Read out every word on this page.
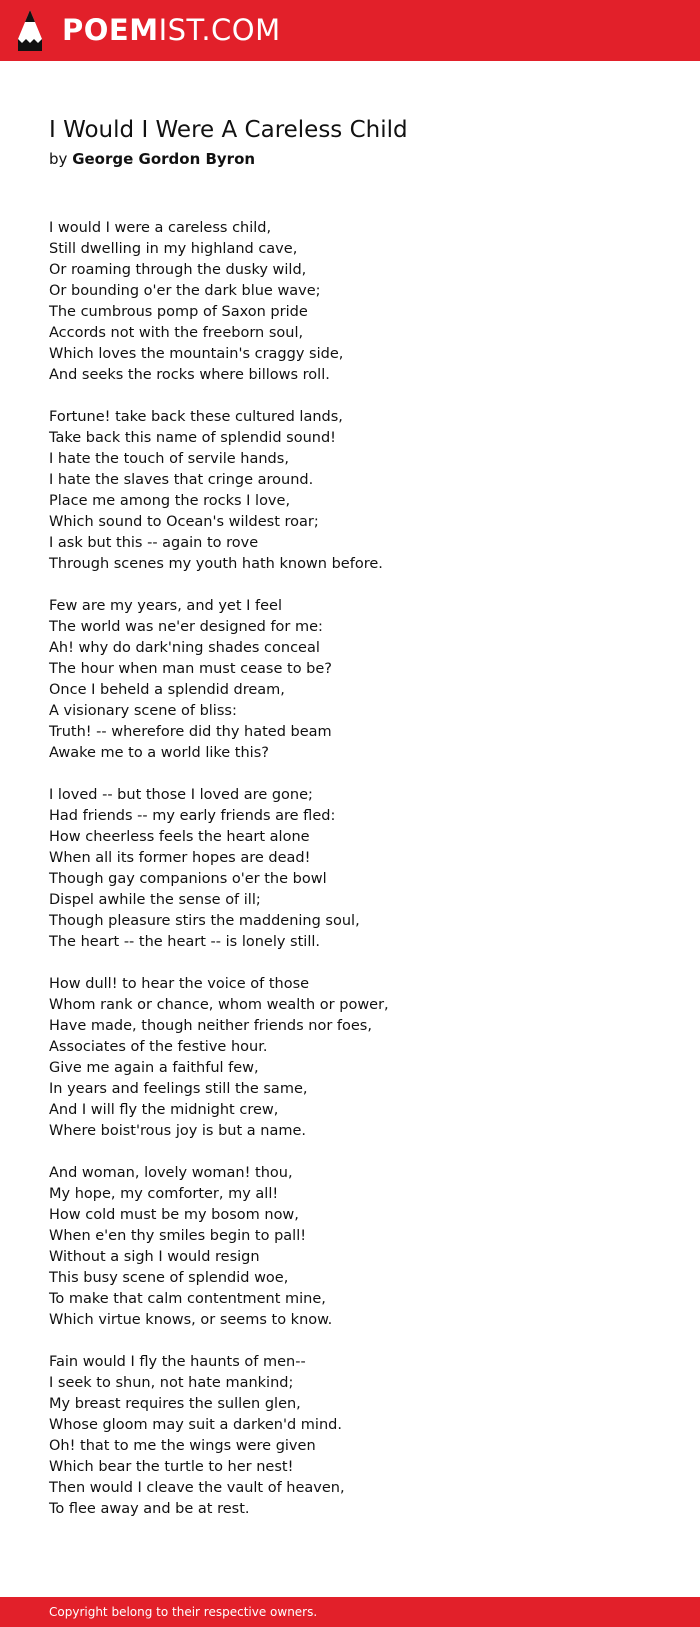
POEMIST.COM
I Would I Were A Careless Child
by George Gordon Byron
I would I were a careless child,
Still dwelling in my highland cave,
Or roaming through the dusky wild,
Or bounding o'er the dark blue wave;
The cumbrous pomp of Saxon pride
Accords not with the freeborn soul,
Which loves the mountain's craggy side,
And seeks the rocks where billows roll.
Fortune! take back these cultured lands,
Take back this name of splendid sound!
I hate the touch of servile hands,
I hate the slaves that cringe around.
Place me among the rocks I love,
Which sound to Ocean's wildest roar;
I ask but this -- again to rove
Through scenes my youth hath known before.
Few are my years, and yet I feel
The world was ne'er designed for me:
Ah! why do dark'ning shades conceal
The hour when man must cease to be?
Once I beheld a splendid dream,
A visionary scene of bliss:
Truth! -- wherefore did thy hated beam
Awake me to a world like this?
I loved -- but those I loved are gone;
Had friends -- my early friends are fled:
How cheerless feels the heart alone
When all its former hopes are dead!
Though gay companions o'er the bowl
Dispel awhile the sense of ill;
Though pleasure stirs the maddening soul,
The heart -- the heart -- is lonely still.
How dull! to hear the voice of those
Whom rank or chance, whom wealth or power,
Have made, though neither friends nor foes,
Associates of the festive hour.
Give me again a faithful few,
In years and feelings still the same,
And I will fly the midnight crew,
Where boist'rous joy is but a name.
And woman, lovely woman! thou,
My hope, my comforter, my all!
How cold must be my bosom now,
When e'en thy smiles begin to pall!
Without a sigh I would resign
This busy scene of splendid woe,
To make that calm contentment mine,
Which virtue knows, or seems to know.
Fain would I fly the haunts of men--
I seek to shun, not hate mankind;
My breast requires the sullen glen,
Whose gloom may suit a darken'd mind.
Oh! that to me the wings were given
Which bear the turtle to her nest!
Then would I cleave the vault of heaven,
To flee away and be at rest.
Copyright belong to their respective owners.
